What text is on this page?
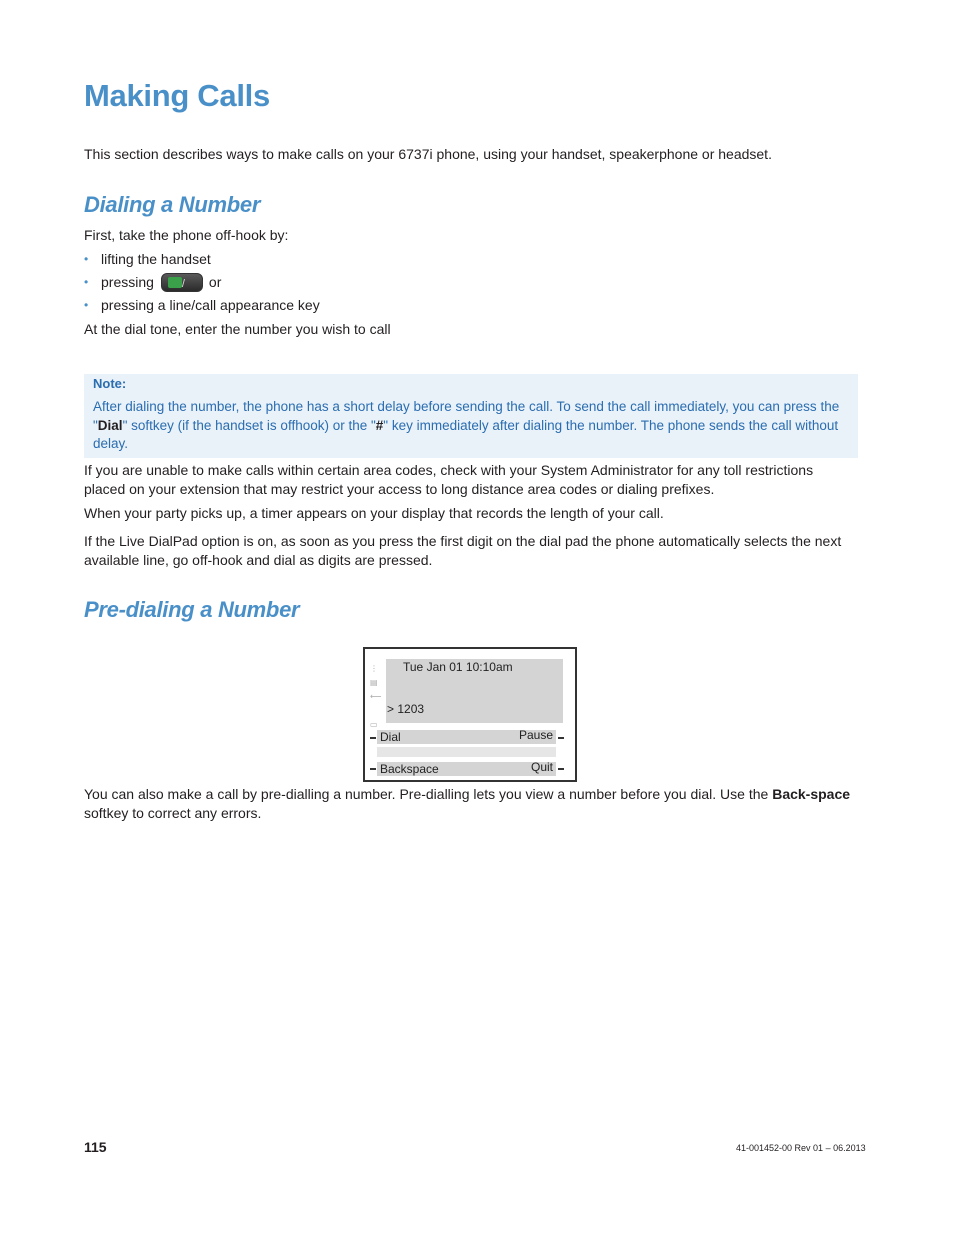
Making Calls

This section describes ways to make calls on your 6737i phone, using your handset, speakerphone or headset.

Dialing a Number

First, take the phone off-hook by:

• lifting the handset
• pressing	/ or
• pressing a line/call appearance key

At the dial tone, enter the number you wish to call

Note:
After dialing the number, the phone has a short delay before sending the call. To send the call immediately, you can press the "Dial" softkey (if the handset is offhook) or the "#" key immediately after dialing the number. The phone sends the call without delay.

If you are unable to make calls within certain area codes, check with your System Administrator for any toll restrictions placed on your extension that may restrict your access to long distance area codes or dialing prefixes.

When your party picks up, a timer appears on your display that records the length of your call.

If the Live DialPad option is on, as soon as you press the first digit on the dial pad the phone automatically selects the next available line, go off-hook and dial as digits are pressed.

Pre-dialing a Number
⋮
▤
⟵

▭
Tue Jan 01 10:10am
> 1203
Dial	Pause
Backspace	Quit

You can also make a call by pre-dialling a number. Pre-dialling lets you view a number before you dial. Use the Back-space softkey to correct any errors.

115	41-001452-00 Rev 01 – 06.2013
